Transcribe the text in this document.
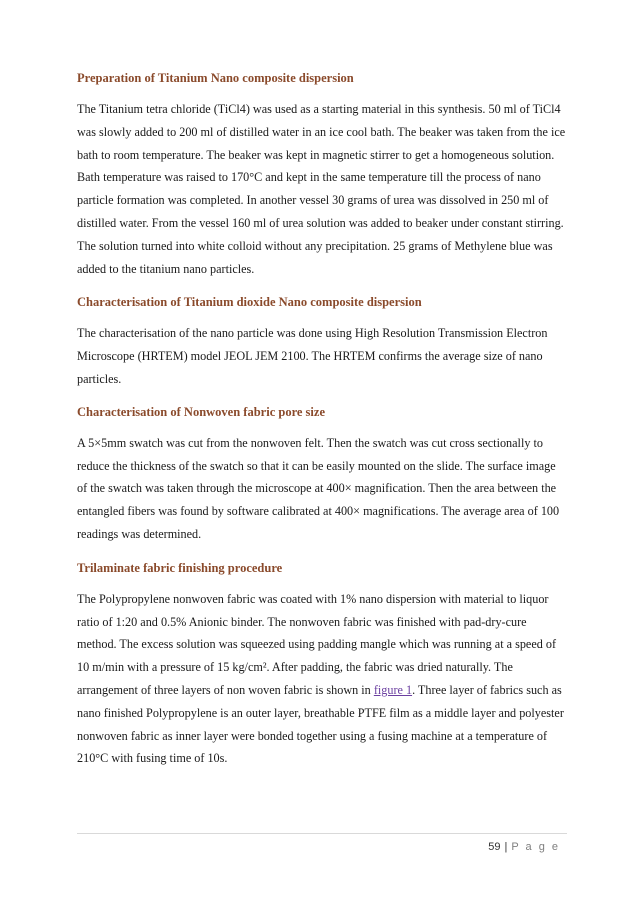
Preparation of Titanium Nano composite dispersion

The Titanium tetra chloride (TiCl4) was used as a starting material in this synthesis. 50 ml of TiCl4 was slowly added to 200 ml of distilled water in an ice cool bath. The beaker was taken from the ice bath to room temperature. The beaker was kept in magnetic stirrer to get a homogeneous solution. Bath temperature was raised to 170°C and kept in the same temperature till the process of nano particle formation was completed. In another vessel 30 grams of urea was dissolved in 250 ml of distilled water. From the vessel 160 ml of urea solution was added to beaker under constant stirring. The solution turned into white colloid without any precipitation. 25 grams of Methylene blue was added to the titanium nano particles.

Characterisation of Titanium dioxide Nano composite dispersion

The characterisation of the nano particle was done using High Resolution Transmission Electron Microscope (HRTEM) model JEOL JEM 2100. The HRTEM confirms the average size of nano particles.

Characterisation of Nonwoven fabric pore size

A 5×5mm swatch was cut from the nonwoven felt. Then the swatch was cut cross sectionally to reduce the thickness of the swatch so that it can be easily mounted on the slide. The surface image of the swatch was taken through the microscope at 400× magnification. Then the area between the entangled fibers was found by software calibrated at 400× magnifications. The average area of 100 readings was determined.

Trilaminate fabric finishing procedure

The Polypropylene nonwoven fabric was coated with 1% nano dispersion with material to liquor ratio of 1:20 and 0.5% Anionic binder. The nonwoven fabric was finished with pad-dry-cure method. The excess solution was squeezed using padding mangle which was running at a speed of 10 m/min with a pressure of 15 kg/cm². After padding, the fabric was dried naturally. The arrangement of three layers of non woven fabric is shown in figure 1. Three layer of fabrics such as nano finished Polypropylene is an outer layer, breathable PTFE film as a middle layer and polyester nonwoven fabric as inner layer were bonded together using a fusing machine at a temperature of 210°C with fusing time of 10s.

59 | P a g e
